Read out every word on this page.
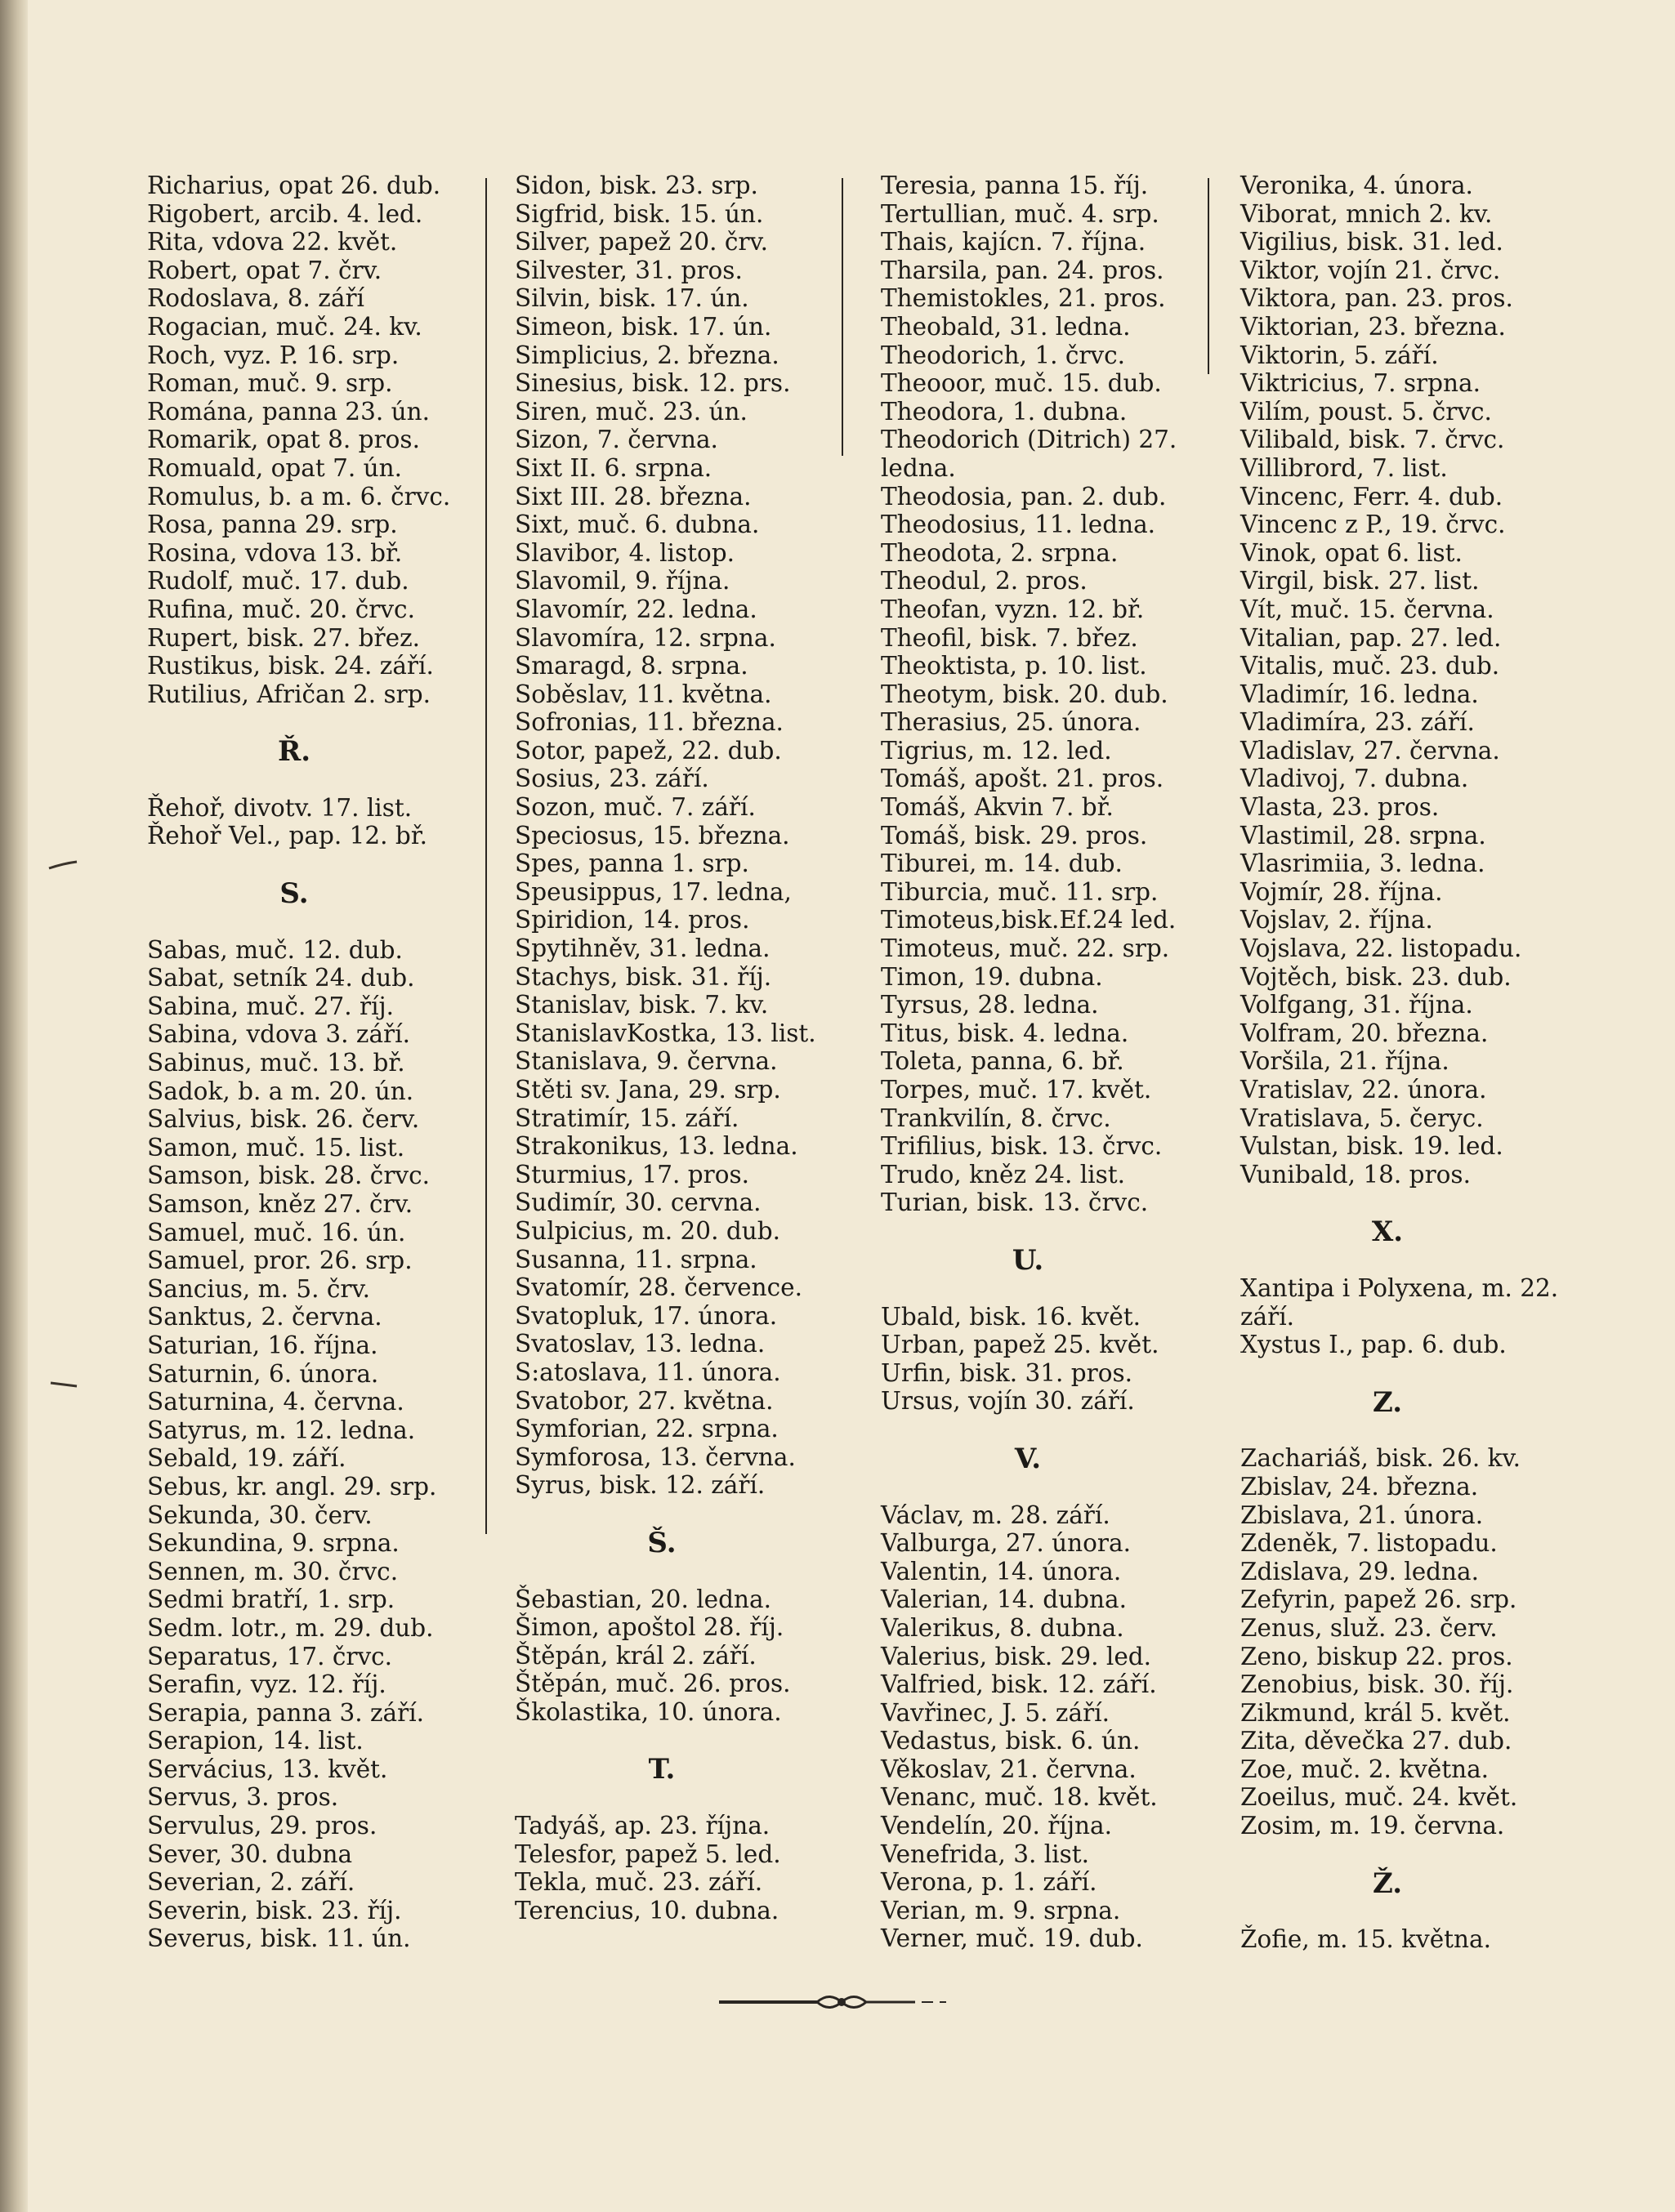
Richarius, opat 26. dub.
Rigobert, arcib. 4. led.
Rita, vdova 22. květ.
Robert, opat 7. črv.
Rodoslava, 8. září
Rogacian, muč. 24. kv.
Roch, vyz. P. 16. srp.
Roman, muč. 9. srp.
Romána, panna 23. ún.
Romarik, opat 8. pros.
Romuald, opat 7. ún.
Romulus, b. a m. 6. črvc.
Rosa, panna 29. srp.
Rosina, vdova 13. bř.
Rudolf, muč. 17. dub.
Rufina, muč. 20. črvc.
Rupert, bisk. 27. břez.
Rustikus, bisk. 24. září.
Rutilius, Afričan 2. srp.
Ř.
Řehoř, divotv. 17. list.
Řehoř Vel., pap. 12. bř.
S.
Sabas, muč. 12. dub.
Sabat, setník 24. dub.
Sabina, muč. 27. říj.
Sabina, vdova 3. září.
Sabinus, muč. 13. bř.
Sadok, b. a m. 20. ún.
Salvius, bisk. 26. červ.
Samon, muč. 15. list.
Samson, bisk. 28. črvc.
Samson, kněz 27. črv.
Samuel, muč. 16. ún.
Samuel, pror. 26. srp.
Sancius, m. 5. črv.
Sanktus, 2. června.
Saturian, 16. října.
Saturnin, 6. února.
Saturnina, 4. června.
Satyrus, m. 12. ledna.
Sebald, 19. září.
Sebus, kr. angl. 29. srp.
Sekunda, 30. červ.
Sekundina, 9. srpna.
Sennen, m. 30. črvc.
Sedmi bratří, 1. srp.
Sedm. lotr., m. 29. dub.
Separatus, 17. črvc.
Serafin, vyz. 12. říj.
Serapia, panna 3. září.
Serapion, 14. list.
Servácius, 13. květ.
Servus, 3. pros.
Servulus, 29. pros.
Sever, 30. dubna
Severian, 2. září.
Severin, bisk. 23. říj.
Severus, bisk. 11. ún.
Sidon, bisk. 23. srp.
Sigfrid, bisk. 15. ún.
Silver, papež 20. črv.
Silvester, 31. pros.
Silvin, bisk. 17. ún.
Simeon, bisk. 17. ún.
Simplicius, 2. března.
Sinesius, bisk. 12. prs.
Siren, muč. 23. ún.
Sizon, 7. června.
Sixt II. 6. srpna.
Sixt III. 28. března.
Sixt, muč. 6. dubna.
Slavibor, 4. listop.
Slavomil, 9. října.
Slavomír, 22. ledna.
Slavomíra, 12. srpna.
Smaragd, 8. srpna.
Soběslav, 11. května.
Sofronias, 11. března.
Sotor, papež, 22. dub.
Sosius, 23. září.
Sozon, muč. 7. září.
Speciosus, 15. března.
Spes, panna 1. srp.
Speusippus, 17. ledna,
Spiridion, 14. pros.
Spytihněv, 31. ledna.
Stachys, bisk. 31. říj.
Stanislav, bisk. 7. kv.
StanislavKostka, 13. list.
Stanislava, 9. června.
Stěti sv. Jana, 29. srp.
Stratimír, 15. září.
Strakonikus, 13. ledna.
Sturmius, 17. pros.
Sudimír, 30. cervna.
Sulpicius, m. 20. dub.
Susanna, 11. srpna.
Svatomír, 28. července.
Svatopluk, 17. února.
Svatoslav, 13. ledna.
S:atoslava, 11. února.
Svatobor, 27. května.
Symforian, 22. srpna.
Symforosa, 13. června.
Syrus, bisk. 12. září.
Š.
Šebastian, 20. ledna.
Šimon, apoštol 28. říj.
Štěpán, král 2. září.
Štěpán, muč. 26. pros.
Školastika, 10. února.
T.
Tadyáš, ap. 23. října.
Telesfor, papež 5. led.
Tekla, muč. 23. září.
Terencius, 10. dubna.
Teresia, panna 15. říj.
Tertullian, muč. 4. srp.
Thais, kajícn. 7. října.
Tharsila, pan. 24. pros.
Themistokles, 21. pros.
Theobald, 31. ledna.
Theodorich, 1. črvc.
Theooor, muč. 15. dub.
Theodora, 1. dubna.
Theodorich (Ditrich) 27. ledna.
Theodosia, pan. 2. dub.
Theodosius, 11. ledna.
Theodota, 2. srpna.
Theodul, 2. pros.
Theofan, vyzn. 12. bř.
Theofil, bisk. 7. břez.
Theoktista, p. 10. list.
Theotym, bisk. 20. dub.
Therasius, 25. února.
Tigrius, m. 12. led.
Tomáš, apošt. 21. pros.
Tomáš, Akvin 7. bř.
Tomáš, bisk. 29. pros.
Tiburei, m. 14. dub.
Tiburcia, muč. 11. srp.
Timoteus,bisk.Ef.24 led.
Timoteus, muč. 22. srp.
Timon, 19. dubna.
Tyrsus, 28. ledna.
Titus, bisk. 4. ledna.
Toleta, panna, 6. bř.
Torpes, muč. 17. květ.
Trankvilín, 8. črvc.
Trifilius, bisk. 13. črvc.
Trudo, kněz 24. list.
Turian, bisk. 13. črvc.
U.
Ubald, bisk. 16. květ.
Urban, papež 25. květ.
Urfin, bisk. 31. pros.
Ursus, vojín 30. září.
V.
Václav, m. 28. září.
Valburga, 27. února.
Valentin, 14. února.
Valerian, 14. dubna.
Valerikus, 8. dubna.
Valerius, bisk. 29. led.
Valfried, bisk. 12. září.
Vavřinec, J. 5. září.
Vedastus, bisk. 6. ún.
Věkoslav, 21. června.
Venanc, muč. 18. květ.
Vendelín, 20. října.
Venefrida, 3. list.
Verona, p. 1. září.
Verian, m. 9. srpna.
Verner, muč. 19. dub.
Veronika, 4. února.
Viborat, mnich 2. kv.
Vigilius, bisk. 31. led.
Viktor, vojín 21. črvc.
Viktora, pan. 23. pros.
Viktorian, 23. března.
Viktorin, 5. září.
Viktricius, 7. srpna.
Vilím, poust. 5. črvc.
Vilibald, bisk. 7. črvc.
Villibrord, 7. list.
Vincenc, Ferr. 4. dub.
Vincenc z P., 19. črvc.
Vinok, opat 6. list.
Virgil, bisk. 27. list.
Vít, muč. 15. června.
Vitalian, pap. 27. led.
Vitalis, muč. 23. dub.
Vladimír, 16. ledna.
Vladimíra, 23. září.
Vladislav, 27. června.
Vladivoj, 7. dubna.
Vlasta, 23. pros.
Vlastimil, 28. srpna.
Vlasrimiia, 3. ledna.
Vojmír, 28. října.
Vojslav, 2. října.
Vojslava, 22. listopadu.
Vojtěch, bisk. 23. dub.
Volfgang, 31. října.
Volfram, 20. března.
Voršila, 21. října.
Vratislav, 22. února.
Vratislava, 5. čeryc.
Vulstan, bisk. 19. led.
Vunibald, 18. pros.
X.
Xantipa i Polyxena, m. 22. září.
Xystus I., pap. 6. dub.
Z.
Zachariáš, bisk. 26. kv.
Zbislav, 24. března.
Zbislava, 21. února.
Zdeněk, 7. listopadu.
Zdislava, 29. ledna.
Zefyrin, papež 26. srp.
Zenus, služ. 23. červ.
Zeno, biskup 22. pros.
Zenobius, bisk. 30. říj.
Zikmund, král 5. květ.
Zita, děvečka 27. dub.
Zoe, muč. 2. května.
Zoeilus, muč. 24. květ.
Zosim, m. 19. června.
Ž.
Žofie, m. 15. května.
